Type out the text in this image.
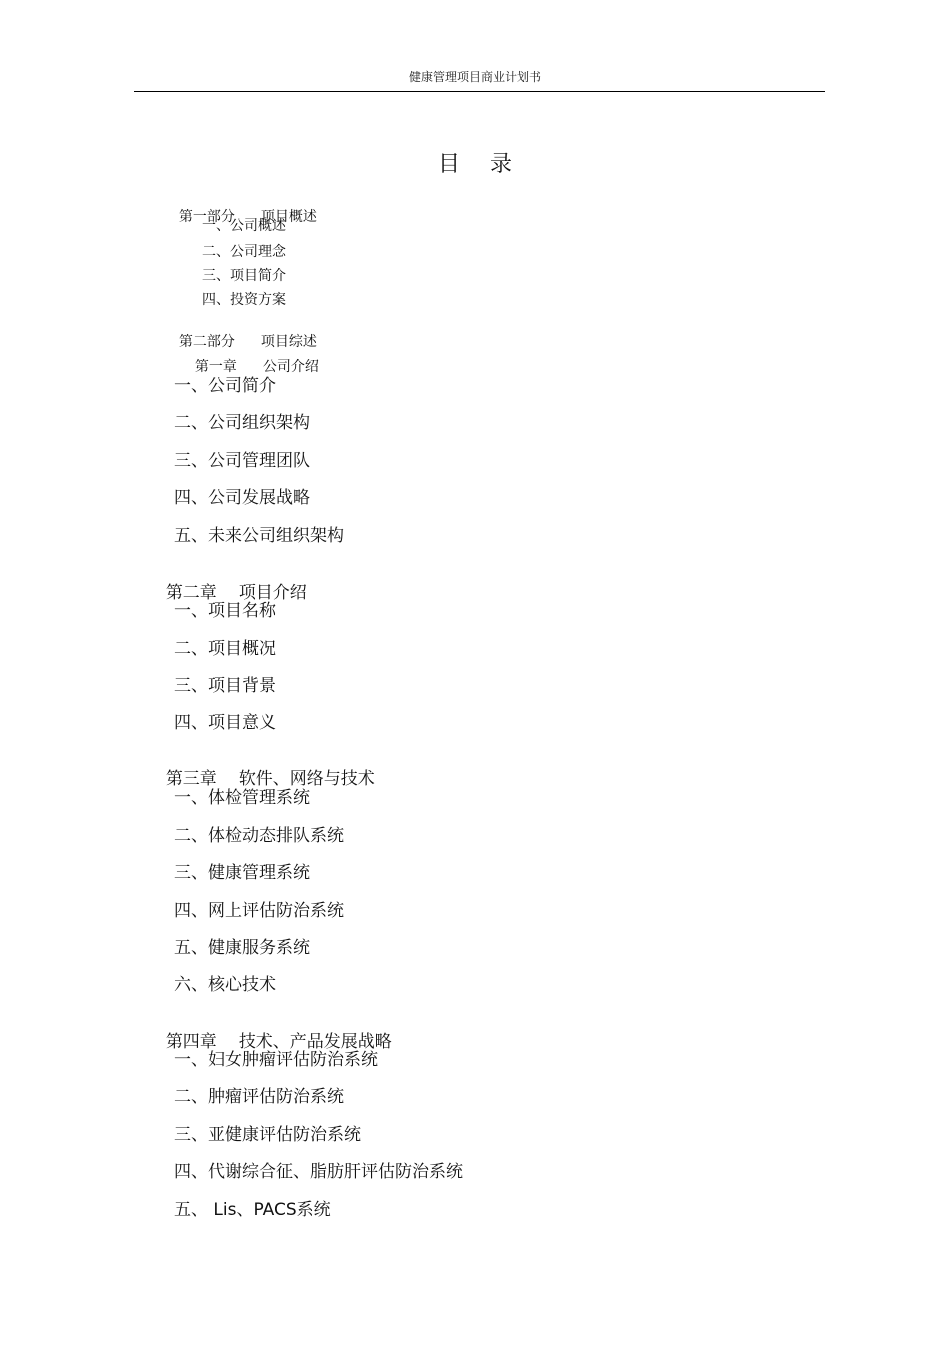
健康管理项目商业计划书
目录

第一部分 项目概述

一、公司概述
二、公司理念
三、项目简介
四、投资方案

第二部分 项目综述

第一章 公司介绍

一、公司简介
二、公司组织架构
三、公司管理团队
四、公司发展战略
五、未来公司组织架构

第二章 项目介绍

一、项目名称
二、项目概况
三、项目背景
四、项目意义

第三章 软件、网络与技术

一、体检管理系统
二、体检动态排队系统
三、健康管理系统
四、网上评估防治系统
五、健康服务系统
六、核心技术

第四章 技术、产品发展战略

一、妇女肿瘤评估防治系统
二、肿瘤评估防治系统
三、亚健康评估防治系统
四、代谢综合征、脂肪肝评估防治系统
五、 Lis、PACS系统
